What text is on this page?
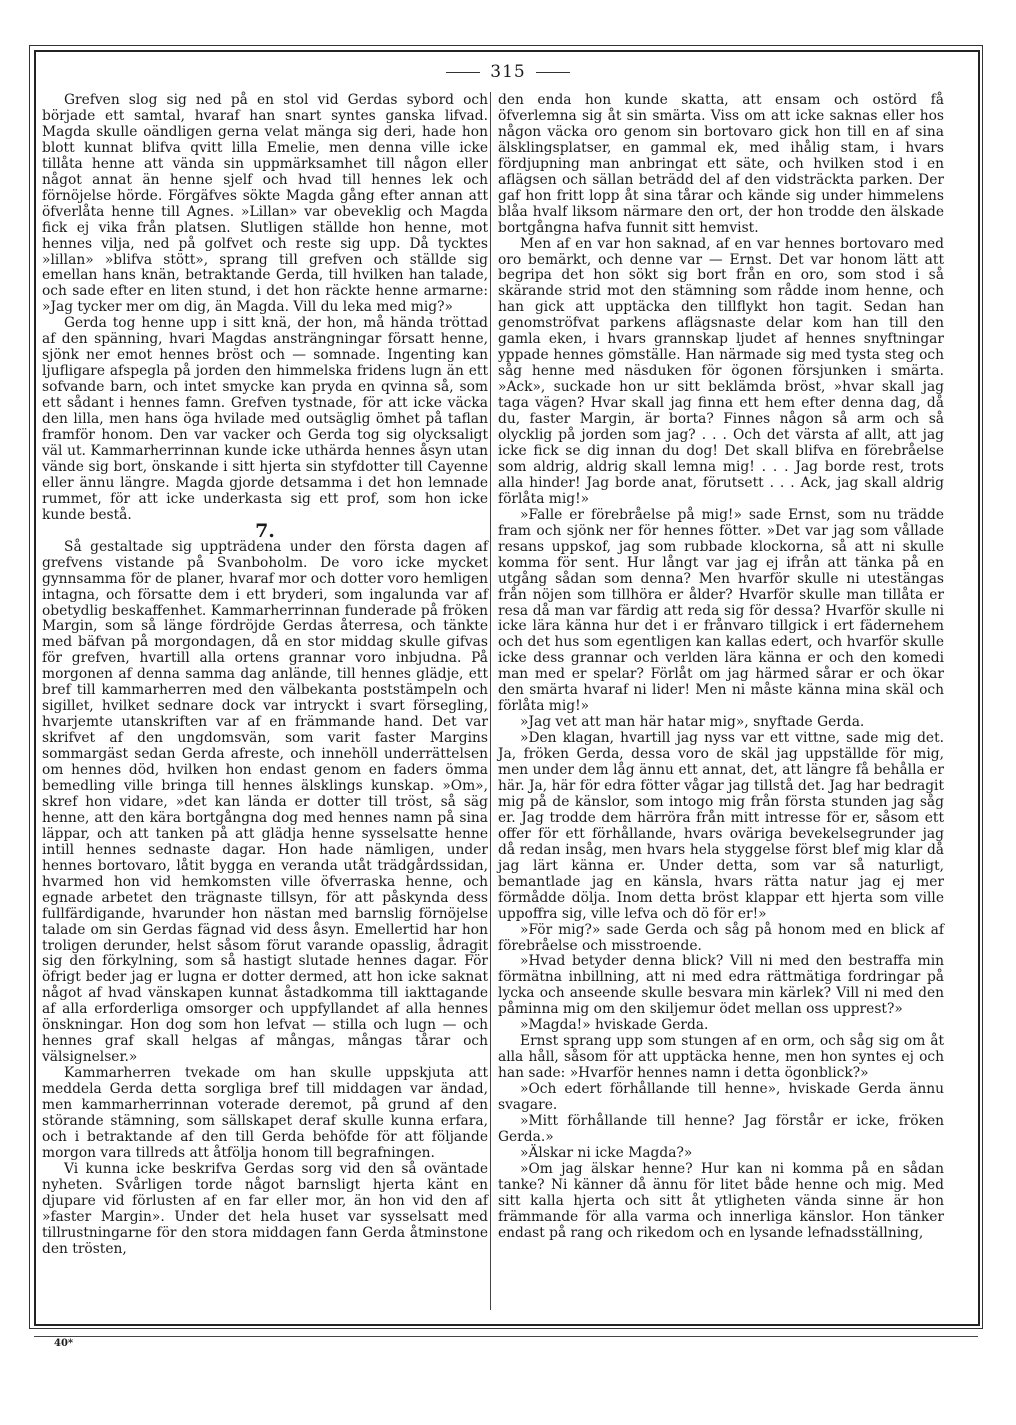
315

Grefven slog sig ned på en stol vid Gerdas sybord och började ett samtal, hvaraf han snart syntes ganska lifvad. Magda skulle oändligen gerna velat mänga sig deri, hade hon blott kunnat blifva qvitt lilla Emelie, men denna ville icke tillåta henne att vända sin uppmärksamhet till någon eller något annat än henne sjelf och hvad till hennes lek och förnöjelse hörde. Förgäfves sökte Magda gång efter annan att öfverlåta henne till Agnes. »Lillan» var obeveklig och Magda fick ej vika från platsen. Slutligen ställde hon henne, mot hennes vilja, ned på golfvet och reste sig upp. Då tycktes »lillan» »blifva stött», sprang till grefven och ställde sig emellan hans knän, betraktande Gerda, till hvilken han talade, och sade efter en liten stund, i det hon räckte henne armarne: »Jag tycker mer om dig, än Magda. Vill du leka med mig?»

Gerda tog henne upp i sitt knä, der hon, må hända tröttad af den spänning, hvari Magdas ansträngningar försatt henne, sjönk ner emot hennes bröst och — somnade. Ingenting kan ljufligare afspegla på jorden den himmelska fridens lugn än ett sofvande barn, och intet smycke kan pryda en qvinna så, som ett sådant i hennes famn. Grefven tystnade, för att icke väcka den lilla, men hans öga hvilade med outsäglig ömhet på taflan framför honom. Den var vacker och Gerda tog sig olycksaligt väl ut. Kammarherrinnan kunde icke uthärda hennes åsyn utan vände sig bort, önskande i sitt hjerta sin styfdotter till Cayenne eller ännu längre. Magda gjorde detsamma i det hon lemnade rummet, för att icke underkasta sig ett prof, som hon icke kunde bestå.

7.

Så gestaltade sig uppträdena under den första dagen af grefvens vistande på Svanboholm. De voro icke mycket gynnsamma för de planer, hvaraf mor och dotter voro hemligen intagna, och försatte dem i ett bryderi, som ingalunda var af obetydlig beskaffenhet. Kammarherrinnan funderade på fröken Margin, som så länge fördröjde Gerdas återresa, och tänkte med bäfvan på morgondagen, då en stor middag skulle gifvas för grefven, hvartill alla ortens grannar voro inbjudna. På morgonen af denna samma dag anlände, till hennes glädje, ett bref till kammarherren med den välbekanta poststämpeln och sigillet, hvilket sednare dock var intryckt i svart försegling, hvarjemte utanskriften var af en främmande hand. Det var skrifvet af den ungdomsvän, som varit faster Margins sommargäst sedan Gerda afreste, och innehöll underrättelsen om hennes död, hvilken hon endast genom en faders ömma bemedling ville bringa till hennes älsklings kunskap. »Om», skref hon vidare, »det kan lända er dotter till tröst, så säg henne, att den kära bortgångna dog med hennes namn på sina läppar, och att tanken på att glädja henne sysselsatte henne intill hennes sednaste dagar. Hon hade nämligen, under hennes bortovaro, låtit bygga en veranda utåt trädgårdssidan, hvarmed hon vid hemkomsten ville öfverraska henne, och egnade arbetet den trägnaste tillsyn, för att påskynda dess fullfärdigande, hvarunder hon nästan med barnslig förnöjelse talade om sin Gerdas fägnad vid dess åsyn. Emellertid har hon troligen derunder, helst såsom förut varande opasslig, ådragit sig den förkylning, som så hastigt slutade hennes dagar. För öfrigt beder jag er lugna er dotter dermed, att hon icke saknat något af hvad vänskapen kunnat åstadkomma till iakttagande af alla erforderliga omsorger och uppfyllandet af alla hennes önskningar. Hon dog som hon lefvat — stilla och lugn — och hennes graf skall helgas af mångas, mångas tårar och välsignelser.»

Kammarherren tvekade om han skulle uppskjuta att meddela Gerda detta sorgliga bref till middagen var ändad, men kammarherrinnan voterade deremot, på grund af den störande stämning, som sällskapet deraf skulle kunna erfara, och i betraktande af den till Gerda behöfde för att följande morgon vara tillreds att åtfölja honom till begrafningen.

Vi kunna icke beskrifva Gerdas sorg vid den så oväntade nyheten. Svårligen torde något barnsligt hjerta känt en djupare vid förlusten af en far eller mor, än hon vid den af »faster Margin». Under det hela huset var sysselsatt med tillrustningarne för den stora middagen fann Gerda åtminstone den trösten,

den enda hon kunde skatta, att ensam och ostörd få öfverlemna sig åt sin smärta. Viss om att icke saknas eller hos någon väcka oro genom sin bortovaro gick hon till en af sina älsklingsplatser, en gammal ek, med ihålig stam, i hvars fördjupning man anbringat ett säte, och hvilken stod i en aflägsen och sällan beträdd del af den vidsträckta parken. Der gaf hon fritt lopp åt sina tårar och kände sig under himmelens blåa hvalf liksom närmare den ort, der hon trodde den älskade bortgångna hafva funnit sitt hemvist.

Men af en var hon saknad, af en var hennes bortovaro med oro bemärkt, och denne var — Ernst. Det var honom lätt att begripa det hon sökt sig bort från en oro, som stod i så skärande strid mot den stämning som rådde inom henne, och han gick att upptäcka den tillflykt hon tagit. Sedan han genomströfvat parkens aflägsnaste delar kom han till den gamla eken, i hvars grannskap ljudet af hennes snyftningar yppade hennes gömställe. Han närmade sig med tysta steg och såg henne med näsduken för ögonen försjunken i smärta. »Ack», suckade hon ur sitt beklämda bröst, »hvar skall jag taga vägen? Hvar skall jag finna ett hem efter denna dag, då du, faster Margin, är borta? Finnes någon så arm och så olycklig på jorden som jag? . . . Och det värsta af allt, att jag icke fick se dig innan du dog! Det skall blifva en förebråelse som aldrig, aldrig skall lemna mig! . . . Jag borde rest, trots alla hinder! Jag borde anat, förutsett . . . Ack, jag skall aldrig förlåta mig!»

»Falle er förebråelse på mig!» sade Ernst, som nu trädde fram och sjönk ner för hennes fötter. »Det var jag som vållade resans uppskof, jag som rubbade klockorna, så att ni skulle komma för sent. Hur långt var jag ej ifrån att tänka på en utgång sådan som denna? Men hvarför skulle ni utestängas från nöjen som tillhöra er ålder? Hvarför skulle man tillåta er resa då man var färdig att reda sig för dessa? Hvarför skulle ni icke lära känna hur det i er frånvaro tillgick i ert fädernehem och det hus som egentligen kan kallas edert, och hvarför skulle icke dess grannar och verlden lära känna er och den komedi man med er spelar? Förlåt om jag härmed sårar er och ökar den smärta hvaraf ni lider! Men ni måste känna mina skäl och förlåta mig!»

»Jag vet att man här hatar mig», snyftade Gerda.

»Den klagan, hvartill jag nyss var ett vittne, sade mig det. Ja, fröken Gerda, dessa voro de skäl jag uppställde för mig, men under dem låg ännu ett annat, det, att längre få behålla er här. Ja, här för edra fötter vågar jag tillstå det. Jag har bedragit mig på de känslor, som intogo mig från första stunden jag såg er. Jag trodde dem härröra från mitt intresse för er, såsom ett offer för ett förhållande, hvars oväriga bevekelsegrunder jag då redan insåg, men hvars hela styggelse först blef mig klar då jag lärt känna er. Under detta, som var så naturligt, bemantlade jag en känsla, hvars rätta natur jag ej mer förmådde dölja. Inom detta bröst klappar ett hjerta som ville uppoffra sig, ville lefva och dö för er!»

»För mig?» sade Gerda och såg på honom med en blick af förebråelse och misstroende.

»Hvad betyder denna blick? Vill ni med den bestraffa min förmätna inbillning, att ni med edra rättmätiga fordringar på lycka och anseende skulle besvara min kärlek? Vill ni med den påminna mig om den skiljemur ödet mellan oss upprest?»

»Magda!» hviskade Gerda.

Ernst sprang upp som stungen af en orm, och såg sig om åt alla håll, såsom för att upptäcka henne, men hon syntes ej och han sade: »Hvarför hennes namn i detta ögonblick?»

»Och edert förhållande till henne», hviskade Gerda ännu svagare.

»Mitt förhållande till henne? Jag förstår er icke, fröken Gerda.»

»Älskar ni icke Magda?»

»Om jag älskar henne? Hur kan ni komma på en sådan tanke? Ni känner då ännu för litet både henne och mig. Med sitt kalla hjerta och sitt åt ytligheten vända sinne är hon främmande för alla varma och innerliga känslor. Hon tänker endast på rang och rikedom och en lysande lefnadsställning,

40*
